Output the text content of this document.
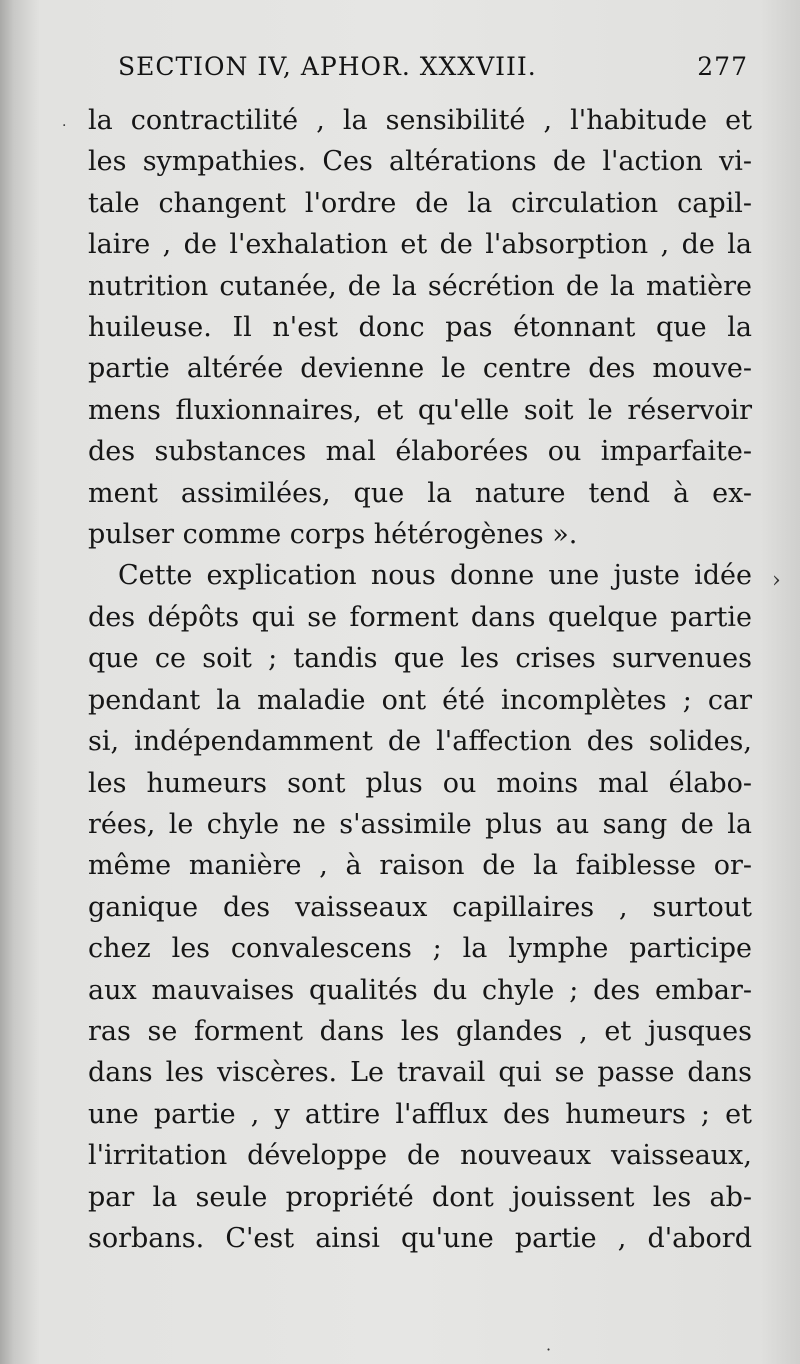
SECTION IV, APHOR. XXXVIII.	277
la contractilité , la sensibilité , l'habitude et
les sympathies. Ces altérations de l'action vi-
tale changent l'ordre de la circulation capil-
laire , de l'exhalation et de l'absorption , de la
nutrition cutanée, de la sécrétion de la matière
huileuse. Il n'est donc pas étonnant que la
partie altérée devienne le centre des mouve-
mens fluxionnaires, et qu'elle soit le réservoir
des substances mal élaborées ou imparfaite-
ment assimilées, que la nature tend à ex-
pulser comme corps hétérogènes ».
Cette explication nous donne une juste idée
des dépôts qui se forment dans quelque partie
que ce soit ; tandis que les crises survenues
pendant la maladie ont été incomplètes ; car
si, indépendamment de l'affection des solides,
les humeurs sont plus ou moins mal élabo-
rées, le chyle ne s'assimile plus au sang de la
même manière , à raison de la faiblesse or-
ganique des vaisseaux capillaires , surtout
chez les convalescens ; la lymphe participe
aux mauvaises qualités du chyle ; des embar-
ras se forment dans les glandes , et jusques
dans les viscères. Le travail qui se passe dans
une partie , y attire l'afflux des humeurs ; et
l'irritation développe de nouveaux vaisseaux,
par la seule propriété dont jouissent les ab-
sorbans. C'est ainsi qu'une partie , d'abord
·
›
·
